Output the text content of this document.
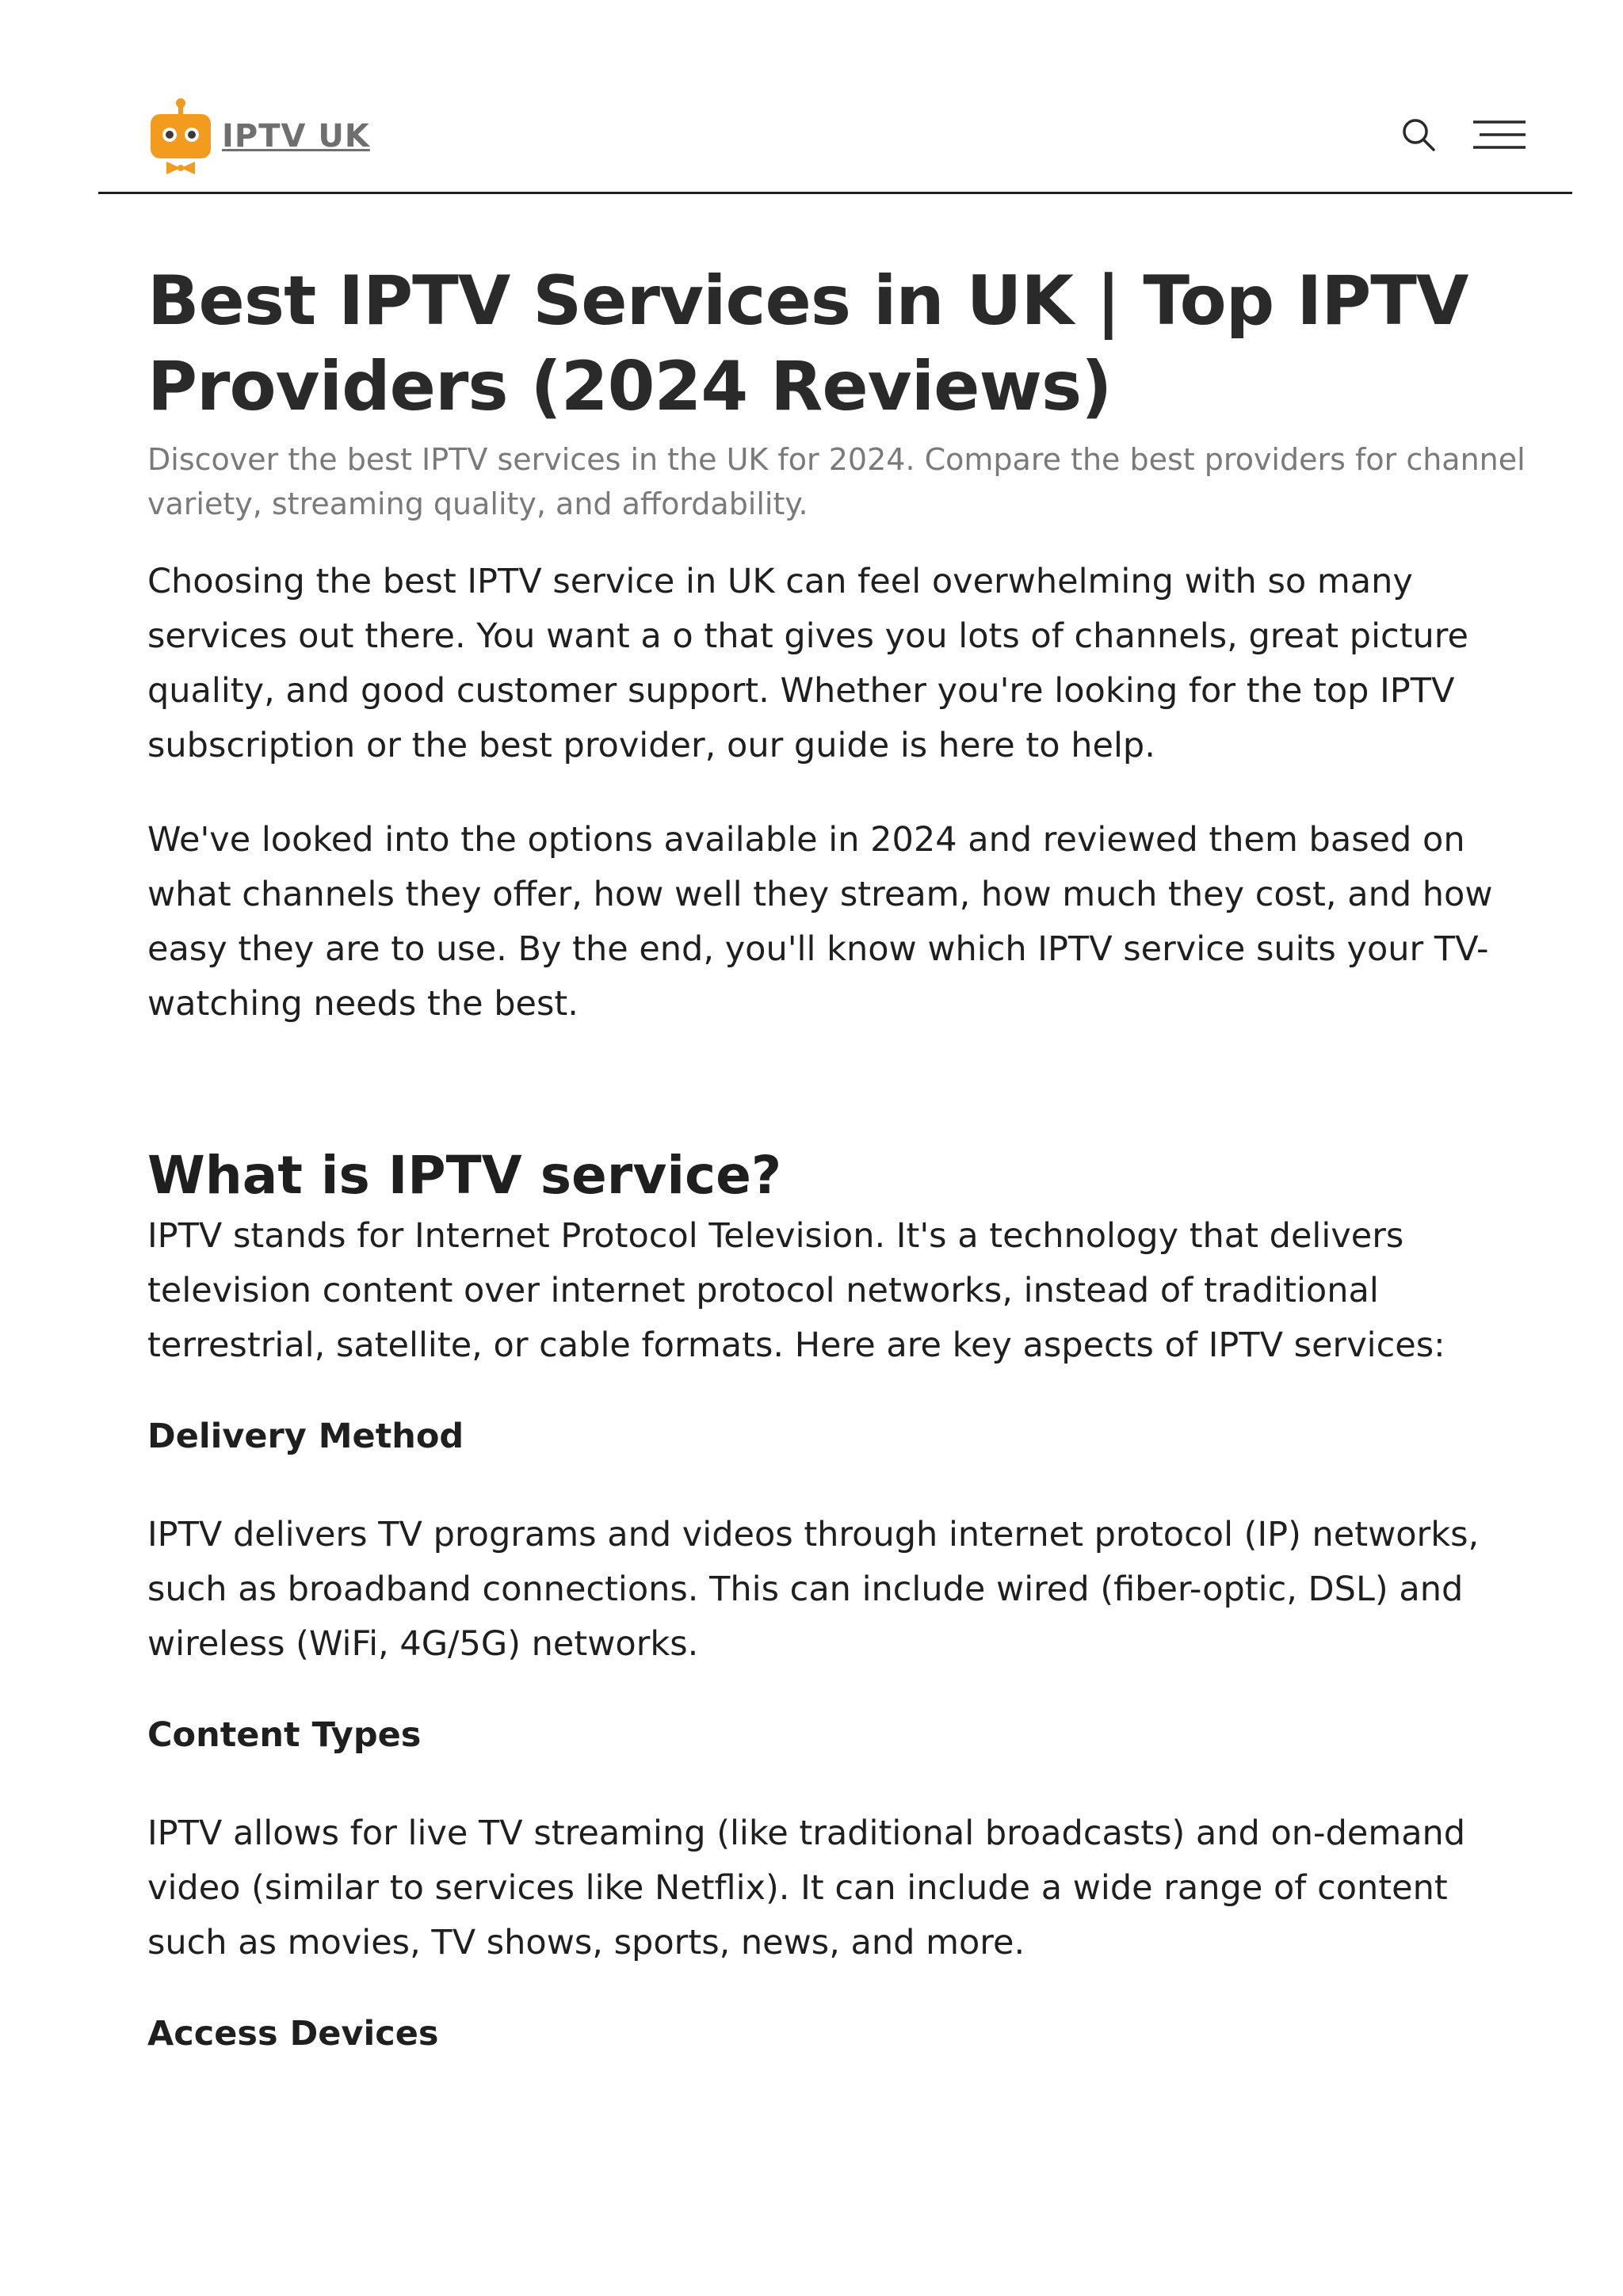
IPTV UK
Best IPTV Services in UK | Top IPTV Providers (2024 Reviews)

Discover the best IPTV services in the UK for 2024. Compare the best providers for channel variety, streaming quality, and affordability.

Choosing the best IPTV service in UK can feel overwhelming with so many services out there. You want a o that gives you lots of channels, great picture quality, and good customer support. Whether you're looking for the top IPTV subscription or the best provider, our guide is here to help.

We've looked into the options available in 2024 and reviewed them based on what channels they offer, how well they stream, how much they cost, and how easy they are to use. By the end, you'll know which IPTV service suits your TV-watching needs the best.

What is IPTV service?

IPTV stands for Internet Protocol Television. It's a technology that delivers television content over internet protocol networks, instead of traditional terrestrial, satellite, or cable formats. Here are key aspects of IPTV services:

Delivery Method

IPTV delivers TV programs and videos through internet protocol (IP) networks, such as broadband connections. This can include wired (fiber-optic, DSL) and wireless (WiFi, 4G/5G) networks.

Content Types

IPTV allows for live TV streaming (like traditional broadcasts) and on-demand video (similar to services like Netflix). It can include a wide range of content such as movies, TV shows, sports, news, and more.

Access Devices
